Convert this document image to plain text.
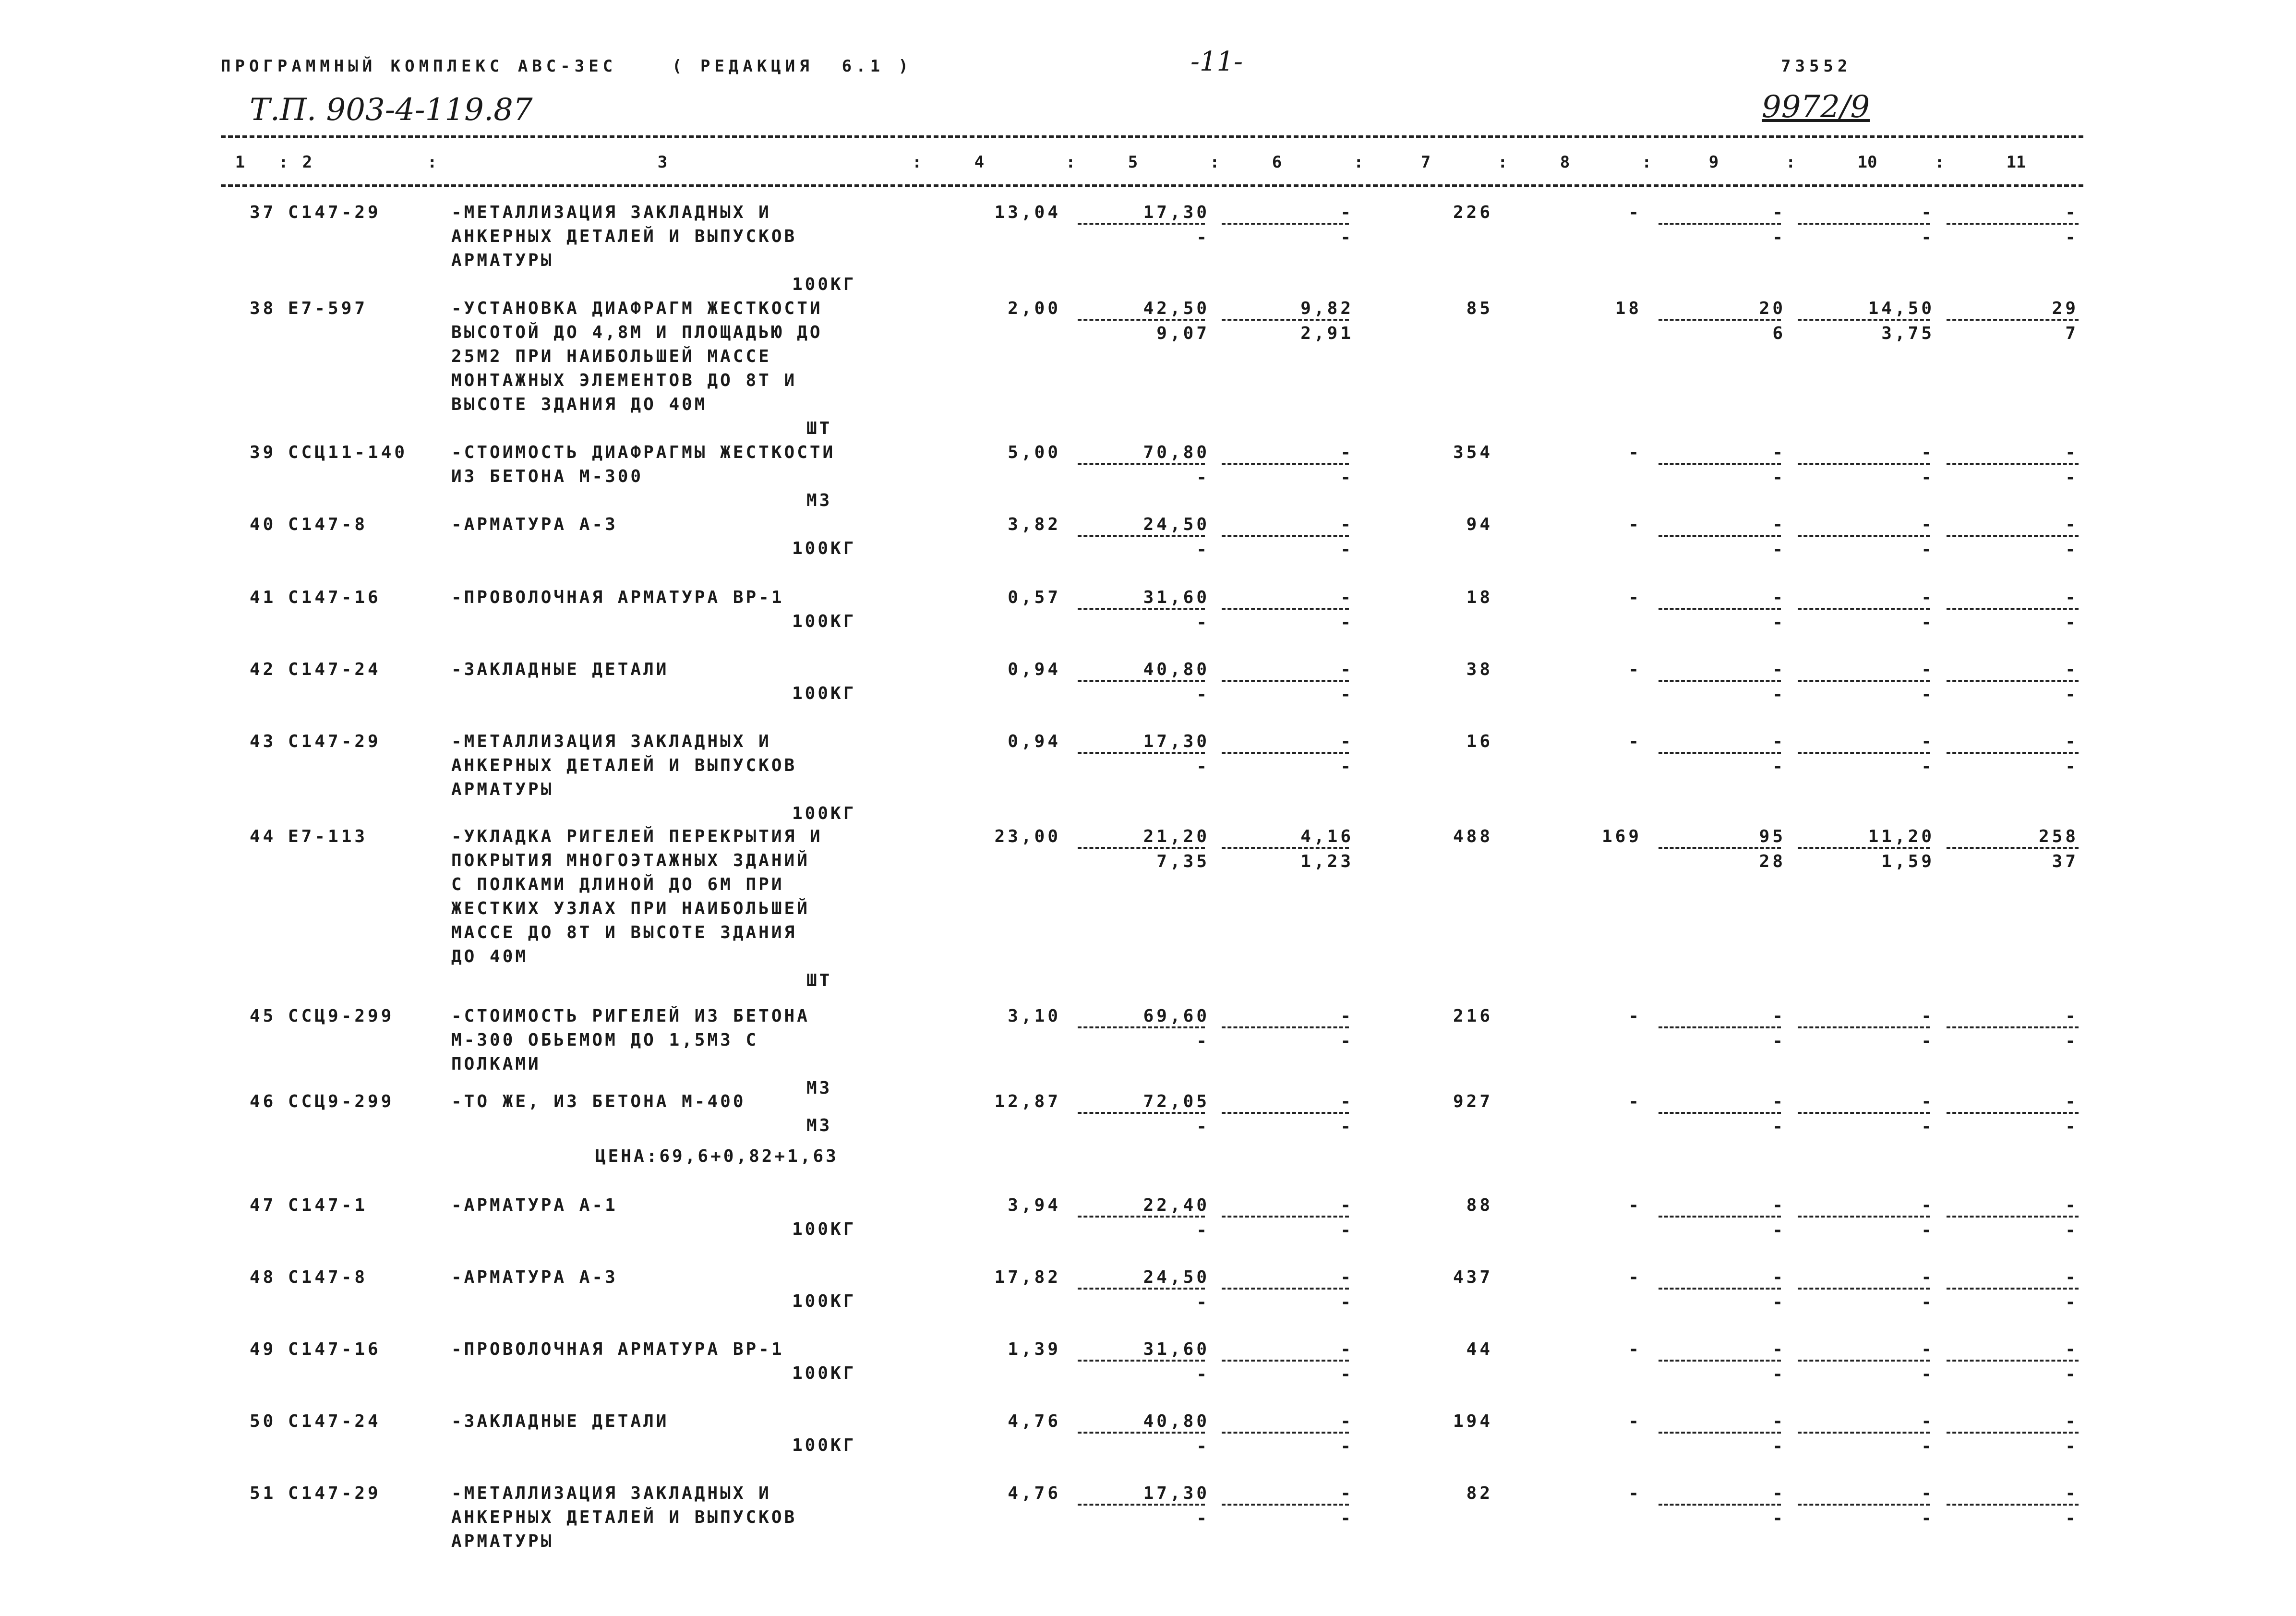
ПРОГРАММНЫЙ КОМПЛЕКС АВС-ЗЕС	( РЕДАКЦИЯ  6.1 )	-11-	73552
Т.П. 903-4-119.87	9972/9
1	2	3	4	5	6	7	8	9	10	11
:	:	:	:	:	:	:	:	:	:
37 С147-29	-МЕТАЛЛИЗАЦИЯ ЗАКЛАДНЫХ И
АНКЕРНЫХ ДЕТАЛЕЙ И ВЫПУСКОВ
АРМАТУРЫ
100КГ
13,04	17,30	-	226	-	-	-	-
-	-	-	-	-
38 Е7-597	-УСТАНОВКА ДИАФРАГМ ЖЕСТКОСТИ
ВЫСОТОЙ ДО 4,8М И ПЛОЩАДЬЮ ДО
25М2 ПРИ НАИБОЛЬШЕЙ МАССЕ
МОНТАЖНЫХ ЭЛЕМЕНТОВ ДО 8Т И
ВЫСОТЕ ЗДАНИЯ ДО 40М
ШТ
2,00	42,50	9,82	85	18	20	14,50	29
9,07	2,91	6	3,75	7
39 ССЦ11-140	-СТОИМОСТЬ ДИАФРАГМЫ ЖЕСТКОСТИ
ИЗ БЕТОНА М-300
М3
5,00	70,80	-	354	-	-	-	-
-	-	-	-	-
40 С147-8	-АРМАТУРА А-3
100КГ
3,82	24,50	-	94	-	-	-	-
-	-	-	-	-
41 С147-16	-ПРОВОЛОЧНАЯ АРМАТУРА ВР-1
100КГ
0,57	31,60	-	18	-	-	-	-
-	-	-	-	-
42 С147-24	-ЗАКЛАДНЫЕ ДЕТАЛИ
100КГ
0,94	40,80	-	38	-	-	-	-
-	-	-	-	-
43 С147-29	-МЕТАЛЛИЗАЦИЯ ЗАКЛАДНЫХ И
АНКЕРНЫХ ДЕТАЛЕЙ И ВЫПУСКОВ
АРМАТУРЫ
100КГ
0,94	17,30	-	16	-	-	-	-
-	-	-	-	-
44 Е7-113	-УКЛАДКА РИГЕЛЕЙ ПЕРЕКРЫТИЯ И
ПОКРЫТИЯ МНОГОЭТАЖНЫХ ЗДАНИЙ
С ПОЛКАМИ ДЛИНОЙ ДО 6М ПРИ
ЖЕСТКИХ УЗЛАХ ПРИ НАИБОЛЬШЕЙ
МАССЕ ДО 8Т И ВЫСОТЕ ЗДАНИЯ
ДО 40М
ШТ
23,00	21,20	4,16	488	169	95	11,20	258
7,35	1,23	28	1,59	37
45 ССЦ9-299	-СТОИМОСТЬ РИГЕЛЕЙ ИЗ БЕТОНА
М-300 ОБЬЕМОМ ДО 1,5М3 С
ПОЛКАМИ
М3
3,10	69,60	-	216	-	-	-	-
-	-	-	-	-
46 ССЦ9-299	-ТО ЖЕ, ИЗ БЕТОНА М-400
М3
ЦЕНА:69,6+0,82+1,63
12,87	72,05	-	927	-	-	-	-
-	-	-	-	-
47 С147-1	-АРМАТУРА А-1
100КГ
3,94	22,40	-	88	-	-	-	-
-	-	-	-	-
48 С147-8	-АРМАТУРА А-3
100КГ
17,82	24,50	-	437	-	-	-	-
-	-	-	-	-
49 С147-16	-ПРОВОЛОЧНАЯ АРМАТУРА ВР-1
100КГ
1,39	31,60	-	44	-	-	-	-
-	-	-	-	-
50 С147-24	-ЗАКЛАДНЫЕ ДЕТАЛИ
100КГ
4,76	40,80	-	194	-	-	-	-
-	-	-	-	-
51 С147-29	-МЕТАЛЛИЗАЦИЯ ЗАКЛАДНЫХ И
АНКЕРНЫХ ДЕТАЛЕЙ И ВЫПУСКОВ
АРМАТУРЫ
4,76	17,30	-	82	-	-	-	-
-	-	-	-	-
